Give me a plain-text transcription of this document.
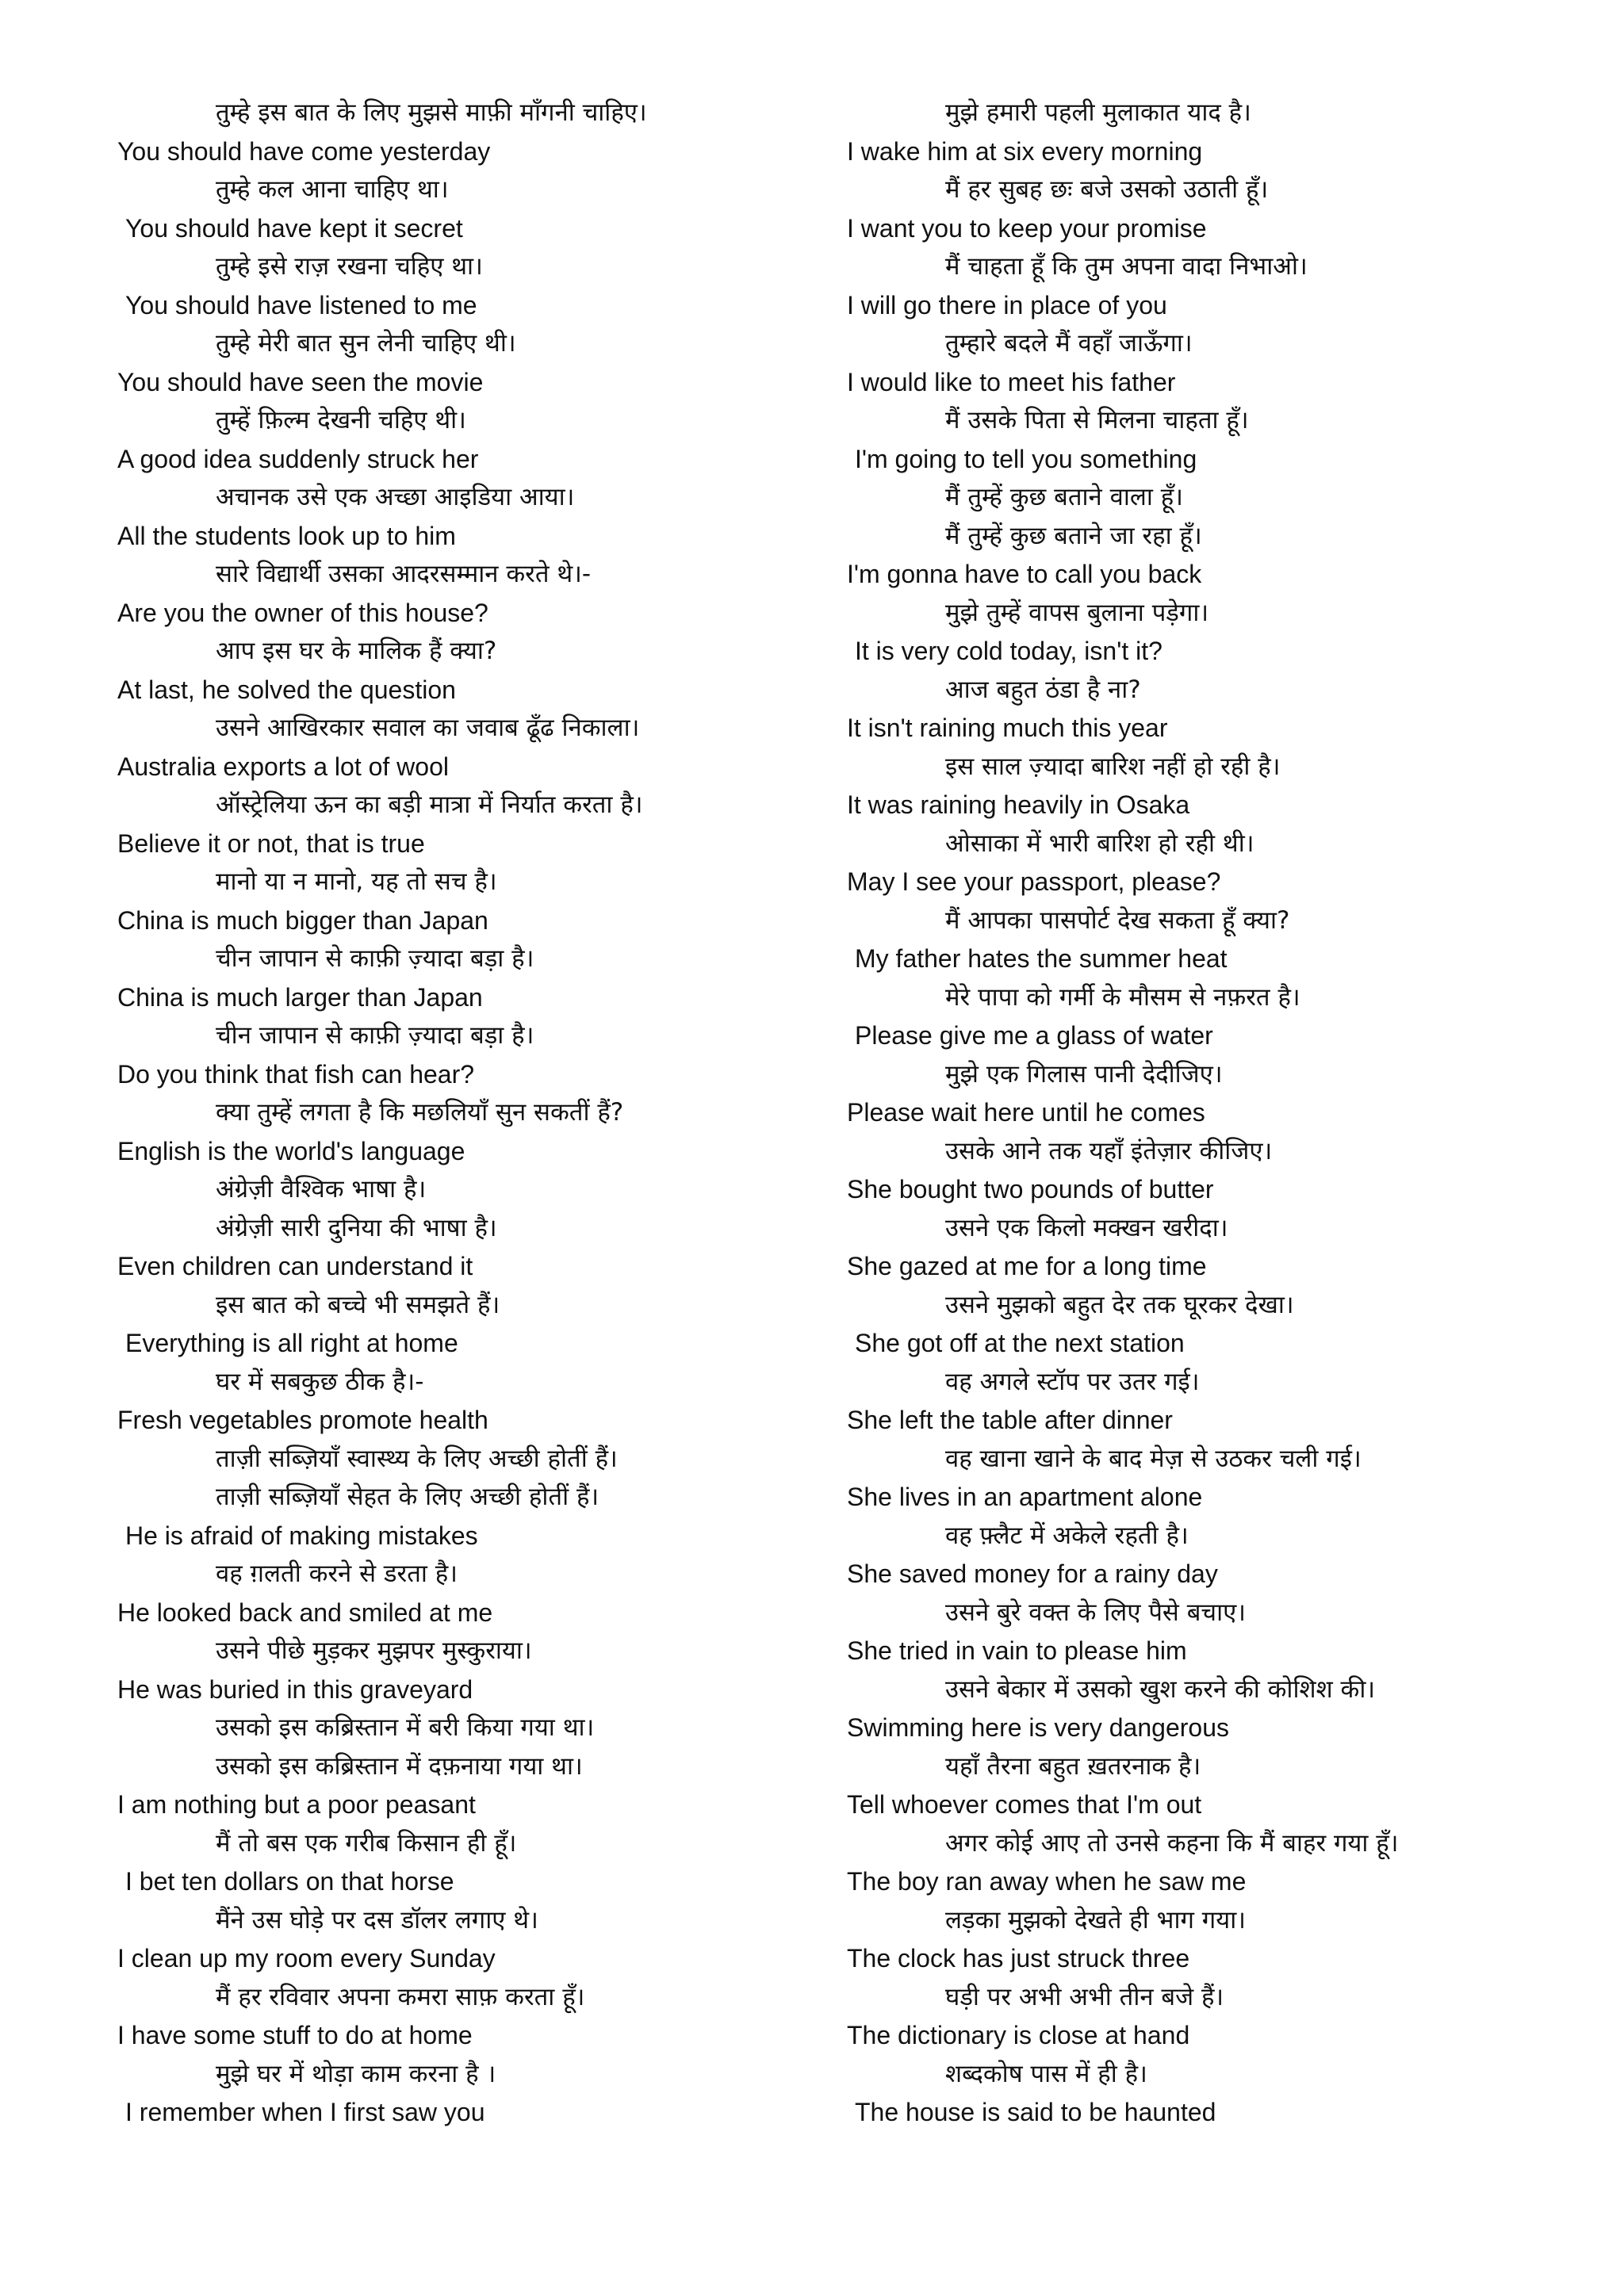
तुम्हे इस बात के लिए मुझसे माफ़ी माँगनी चाहिए।
You should have come yesterday
तुम्हे कल आना चाहिए था।
You should have kept it secret
तुम्हे इसे राज़ रखना चहिए था।
You should have listened to me
तुम्हे मेरी बात सुन लेनी चाहिए थी।
You should have seen the movie
तुम्हें फ़िल्म देखनी चहिए थी।
A good idea suddenly struck her
अचानक उसे एक अच्छा आइडिया आया।
All the students look up to him
सारे विद्यार्थी उसका आदरसम्मान करते थे।-
Are you the owner of this house?
आप इस घर के मालिक हैं क्या?
At last, he solved the question
उसने आखिरकार सवाल का जवाब ढूँढ निकाला।
Australia exports a lot of wool
ऑस्ट्रेलिया ऊन का बड़ी मात्रा में निर्यात करता है।
Believe it or not, that is true
मानो या न मानो, यह तो सच है।
China is much bigger than Japan
चीन जापान से काफ़ी ज़्यादा बड़ा है।
China is much larger than Japan
चीन जापान से काफ़ी ज़्यादा बड़ा है।
Do you think that fish can hear?
क्या तुम्हें लगता है कि मछलियाँ सुन सकतीं हैं?
English is the world's language
अंग्रेज़ी वैश्विक भाषा है।
अंग्रेज़ी सारी दुनिया की भाषा है।
Even children can understand it
इस बात को बच्चे भी समझते हैं।
Everything is all right at home
घर में सबकुछ ठीक है।-
Fresh vegetables promote health
ताज़ी सब्ज़ियाँ स्वास्थ्य के लिए अच्छी होतीं हैं।
ताज़ी सब्ज़ियाँ सेहत के लिए अच्छी होतीं हैं।
He is afraid of making mistakes
वह ग़लती करने से डरता है।
He looked back and smiled at me
उसने पीछे मुड़कर मुझपर मुस्कुराया।
He was buried in this graveyard
उसको इस कब्रिस्तान में बरी किया गया था।
उसको इस कब्रिस्तान में दफ़नाया गया था।
I am nothing but a poor peasant
मैं तो बस एक गरीब किसान ही हूँ।
I bet ten dollars on that horse
मैंने उस घोड़े पर दस डॉलर लगाए थे।
I clean up my room every Sunday
मैं हर रविवार अपना कमरा साफ़ करता हूँ।
I have some stuff to do at home
मुझे घर में थोड़ा काम करना है ।
I remember when I first saw you
मुझे हमारी पहली मुलाकात याद है।
I wake him at six every morning
मैं हर सुबह छः बजे उसको उठाती हूँ।
I want you to keep your promise
मैं चाहता हूँ कि तुम अपना वादा निभाओ।
I will go there in place of you
तुम्हारे बदले मैं वहाँ जाऊँगा।
I would like to meet his father
मैं उसके पिता से मिलना चाहता हूँ।
I'm going to tell you something
मैं तुम्हें कुछ बताने वाला हूँ।
मैं तुम्हें कुछ बताने जा रहा हूँ।
I'm gonna have to call you back
मुझे तुम्हें वापस बुलाना पड़ेगा।
It is very cold today, isn't it?
आज बहुत ठंडा है ना?
It isn't raining much this year
इस साल ज़्यादा बारिश नहीं हो रही है।
It was raining heavily in Osaka
ओसाका में भारी बारिश हो रही थी।
May I see your passport, please?
मैं आपका पासपोर्ट देख सकता हूँ क्या?
My father hates the summer heat
मेरे पापा को गर्मी के मौसम से नफ़रत है।
Please give me a glass of water
मुझे एक गिलास पानी देदीजिए।
Please wait here until he comes
उसके आने तक यहाँ इंतेज़ार कीजिए।
She bought two pounds of butter
उसने एक किलो मक्खन खरीदा।
She gazed at me for a long time
उसने मुझको बहुत देर तक घूरकर देखा।
She got off at the next station
वह अगले स्टॉप पर उतर गई।
She left the table after dinner
वह खाना खाने के बाद मेज़ से उठकर चली गई।
She lives in an apartment alone
वह फ़्लैट में अकेले रहती है।
She saved money for a rainy day
उसने बुरे वक्त के लिए पैसे बचाए।
She tried in vain to please him
उसने बेकार में उसको खुश करने की कोशिश की।
Swimming here is very dangerous
यहाँ तैरना बहुत ख़तरनाक है।
Tell whoever comes that I'm out
अगर कोई आए तो उनसे कहना कि मैं बाहर गया हूँ।
The boy ran away when he saw me
लड़का मुझको देखते ही भाग गया।
The clock has just struck three
घड़ी पर अभी अभी तीन बजे हैं।
The dictionary is close at hand
शब्दकोष पास में ही है।
The house is said to be haunted
